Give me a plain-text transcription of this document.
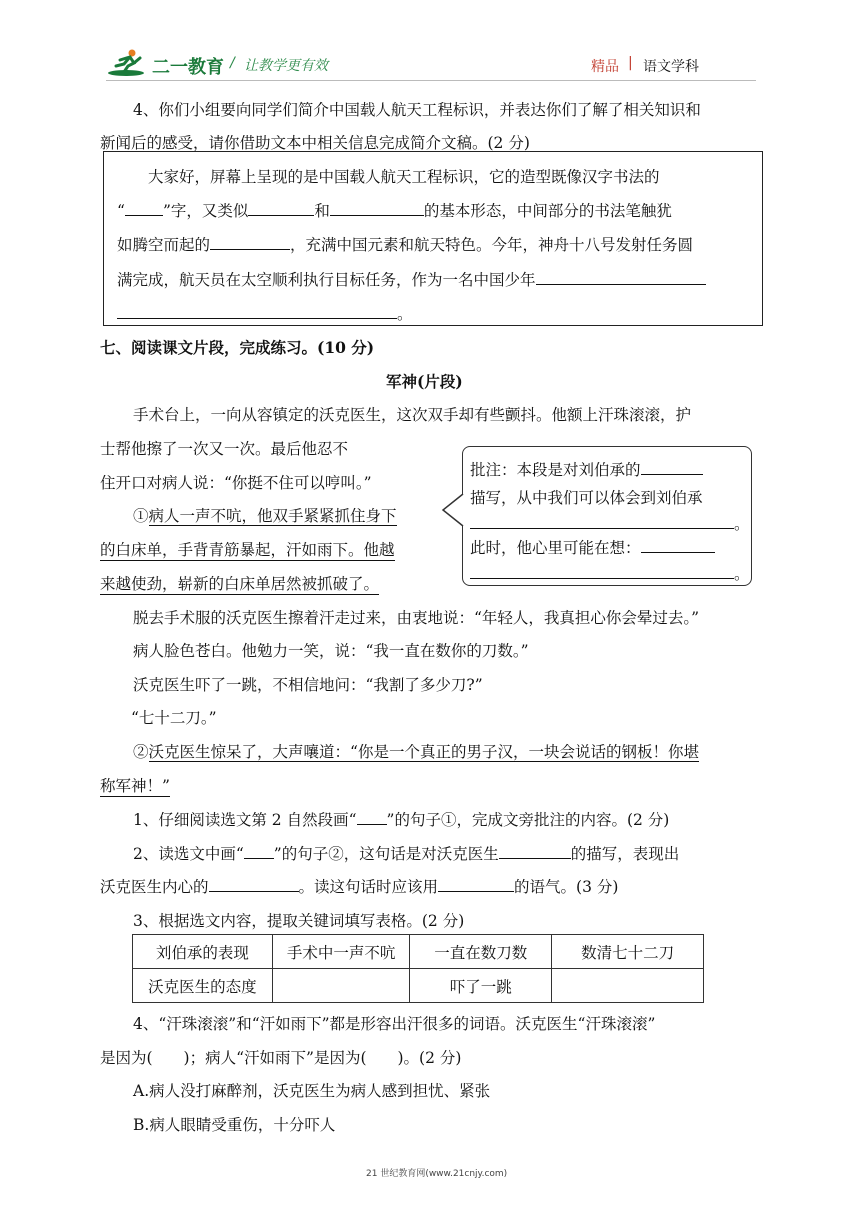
二一教育 / 让教学更有效	精品 | 语文学科
4、你们小组要向同学们简介中国载人航天工程标识，并表达你们了解了相关知识和
新闻后的感受，请你借助文本中相关信息完成简介文稿。(2 分)
大家好，屏幕上呈现的是中国载人航天工程标识，它的造型既像汉字书法的
“ ”字，又类似	和	的基本形态，中间部分的书法笔触犹
如腾空而起的	，充满中国元素和航天特色。今年，神舟十八号发射任务圆
满完成，航天员在太空顺利执行目标任务，作为一名中国少年
。
七、阅读课文片段，完成练习。(10 分)
军神(片段)
手术台上，一向从容镇定的沃克医生，这次双手却有些颤抖。他额上汗珠滚滚，护
士帮他擦了一次又一次。最后他忍不
住开口对病人说：“你挺不住可以哼叫。”
①病人一声不吭，他双手紧紧抓住身下
的白床单，手背青筋暴起，汗如雨下。他越
来越使劲，崭新的白床单居然被抓破了。
批注：本段是对刘伯承的
描写，从中我们可以体会到刘伯承
。
此时，他心里可能在想：
。
脱去手术服的沃克医生擦着汗走过来，由衷地说：“年轻人，我真担心你会晕过去。”
病人脸色苍白。他勉力一笑，说：“我一直在数你的刀数。”
沃克医生吓了一跳，不相信地问：“我割了多少刀?”
“七十二刀。”
②沃克医生惊呆了，大声嚷道：“你是一个真正的男子汉，一块会说话的钢板！你堪
称军神！”
1、仔细阅读选文第 2 自然段画“ ”的句子①，完成文旁批注的内容。(2 分)
2、读选文中画“ ”的句子②，这句话是对沃克医生	的描写，表现出
沃克医生内心的	。读这句话时应该用	的语气。(3 分)
3、根据选文内容，提取关键词填写表格。(2 分)
刘伯承的表现	手术中一声不吭	一直在数刀数	数清七十二刀
沃克医生的态度		吓了一跳	
4、“汗珠滚滚”和“汗如雨下”都是形容出汗很多的词语。沃克医生“汗珠滚滚”
是因为(　　)；病人“汗如雨下”是因为(　　)。(2 分)
A.病人没打麻醉剂，沃克医生为病人感到担忧、紧张
B.病人眼睛受重伤，十分吓人
21 世纪教育网(www.21cnjy.com)
